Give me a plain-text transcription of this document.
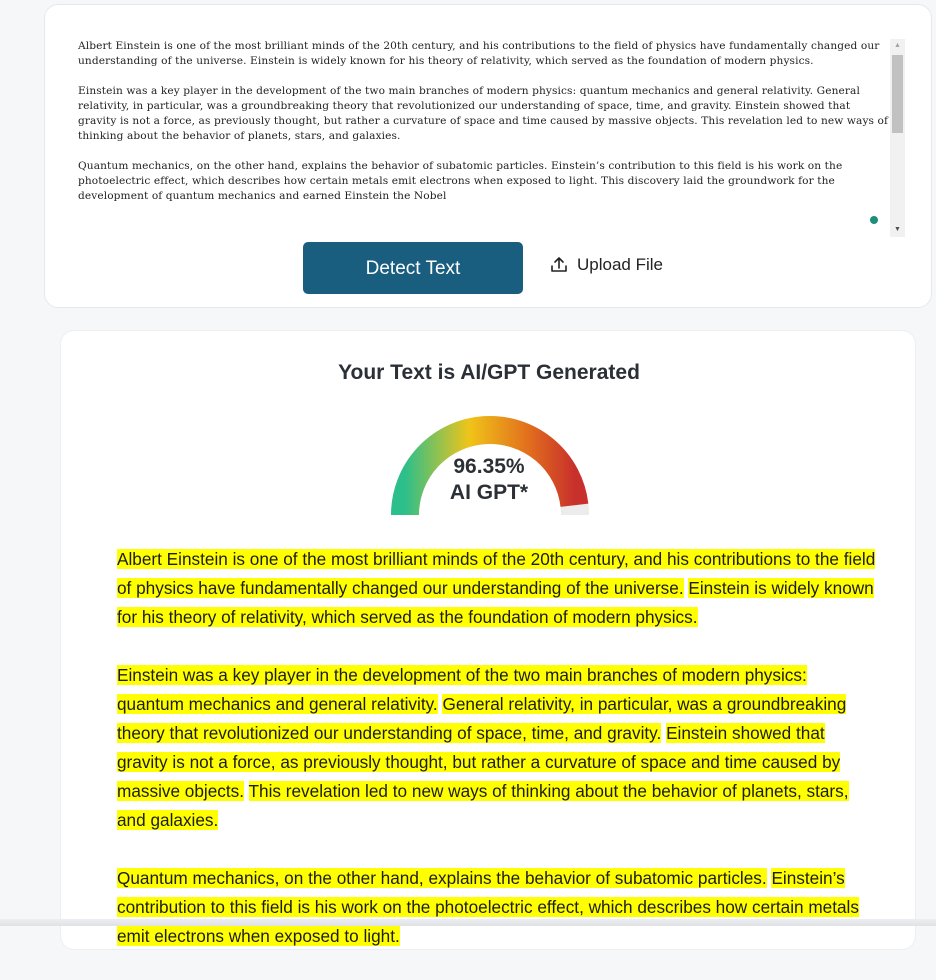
Albert Einstein is one of the most brilliant minds of the 20th century, and his contributions to the field of physics have fundamentally changed our understanding of the universe. Einstein is widely known for his theory of relativity, which served as the foundation of modern physics.

Einstein was a key player in the development of the two main branches of modern physics: quantum mechanics and general relativity. General relativity, in particular, was a groundbreaking theory that revolutionized our understanding of space, time, and gravity. Einstein showed that gravity is not a force, as previously thought, but rather a curvature of space and time caused by massive objects. This revelation led to new ways of thinking about the behavior of planets, stars, and galaxies.

Quantum mechanics, on the other hand, explains the behavior of subatomic particles. Einstein’s contribution to this field is his work on the photoelectric effect, which describes how certain metals emit electrons when exposed to light. This discovery laid the groundwork for the development of quantum mechanics and earned Einstein the Nobel

▲
▼
Detect Text	Upload File
Your Text is AI/GPT Generated
96.35%
AI GPT*

Albert Einstein is one of the most brilliant minds of the 20th century, and his contributions to the field of physics have fundamentally changed our understanding of the universe. Einstein is widely known for his theory of relativity, which served as the foundation of modern physics.

Einstein was a key player in the development of the two main branches of modern physics: quantum mechanics and general relativity. General relativity, in particular, was a groundbreaking theory that revolutionized our understanding of space, time, and gravity. Einstein showed that gravity is not a force, as previously thought, but rather a curvature of space and time caused by massive objects. This revelation led to new ways of thinking about the behavior of planets, stars, and galaxies.

Quantum mechanics, on the other hand, explains the behavior of subatomic particles. Einstein’s contribution to this field is his work on the photoelectric effect, which describes how certain metals emit electrons when exposed to light.
